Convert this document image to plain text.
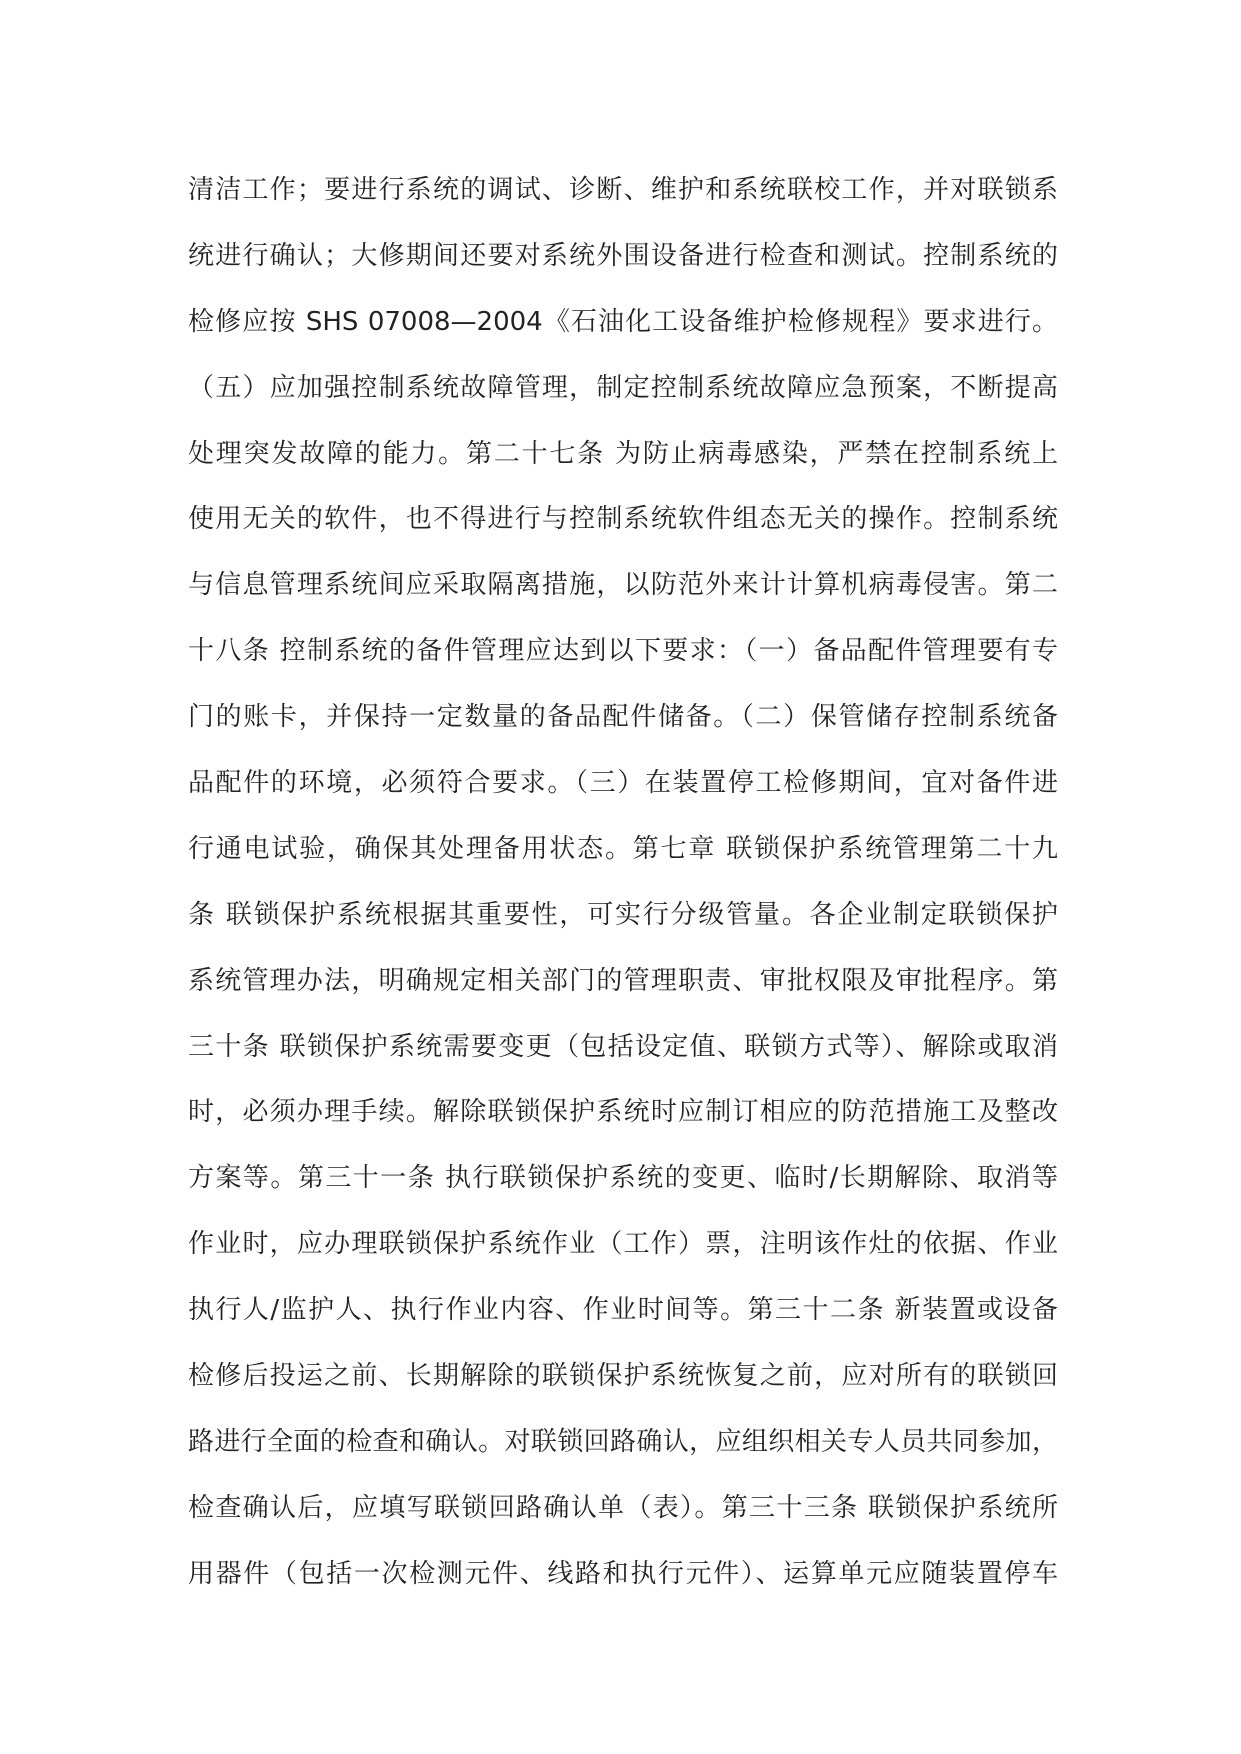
清洁工作；要进行系统的调试、诊断、维护和系统联校工作，并对联锁系
统进行确认；大修期间还要对系统外围设备进行检查和测试。控制系统的
检修应按 SHS 07008—2004《石油化工设备维护检修规程》要求进行。
（五）应加强控制系统故障管理，制定控制系统故障应急预案，不断提高
处理突发故障的能力。第二十七条 为防止病毒感染，严禁在控制系统上
使用无关的软件，也不得进行与控制系统软件组态无关的操作。控制系统
与信息管理系统间应采取隔离措施，以防范外来计计算机病毒侵害。第二
十八条 控制系统的备件管理应达到以下要求：（一）备品配件管理要有专
门的账卡，并保持一定数量的备品配件储备。（二）保管储存控制系统备
品配件的环境，必须符合要求。（三）在装置停工检修期间，宜对备件进
行通电试验，确保其处理备用状态。第七章 联锁保护系统管理第二十九
条 联锁保护系统根据其重要性，可实行分级管量。各企业制定联锁保护
系统管理办法，明确规定相关部门的管理职责、审批权限及审批程序。第
三十条 联锁保护系统需要变更（包括设定值、联锁方式等）、解除或取消
时，必须办理手续。解除联锁保护系统时应制订相应的防范措施工及整改
方案等。第三十一条 执行联锁保护系统的变更、临时/长期解除、取消等
作业时，应办理联锁保护系统作业（工作）票，注明该作灶的依据、作业
执行人/监护人、执行作业内容、作业时间等。第三十二条 新装置或设备
检修后投运之前、长期解除的联锁保护系统恢复之前，应对所有的联锁回
路进行全面的检查和确认。对联锁回路确认，应组织相关专人员共同参加，
检查确认后，应填写联锁回路确认单（表）。第三十三条 联锁保护系统所
用器件（包括一次检测元件、线路和执行元件）、运算单元应随装置停车
